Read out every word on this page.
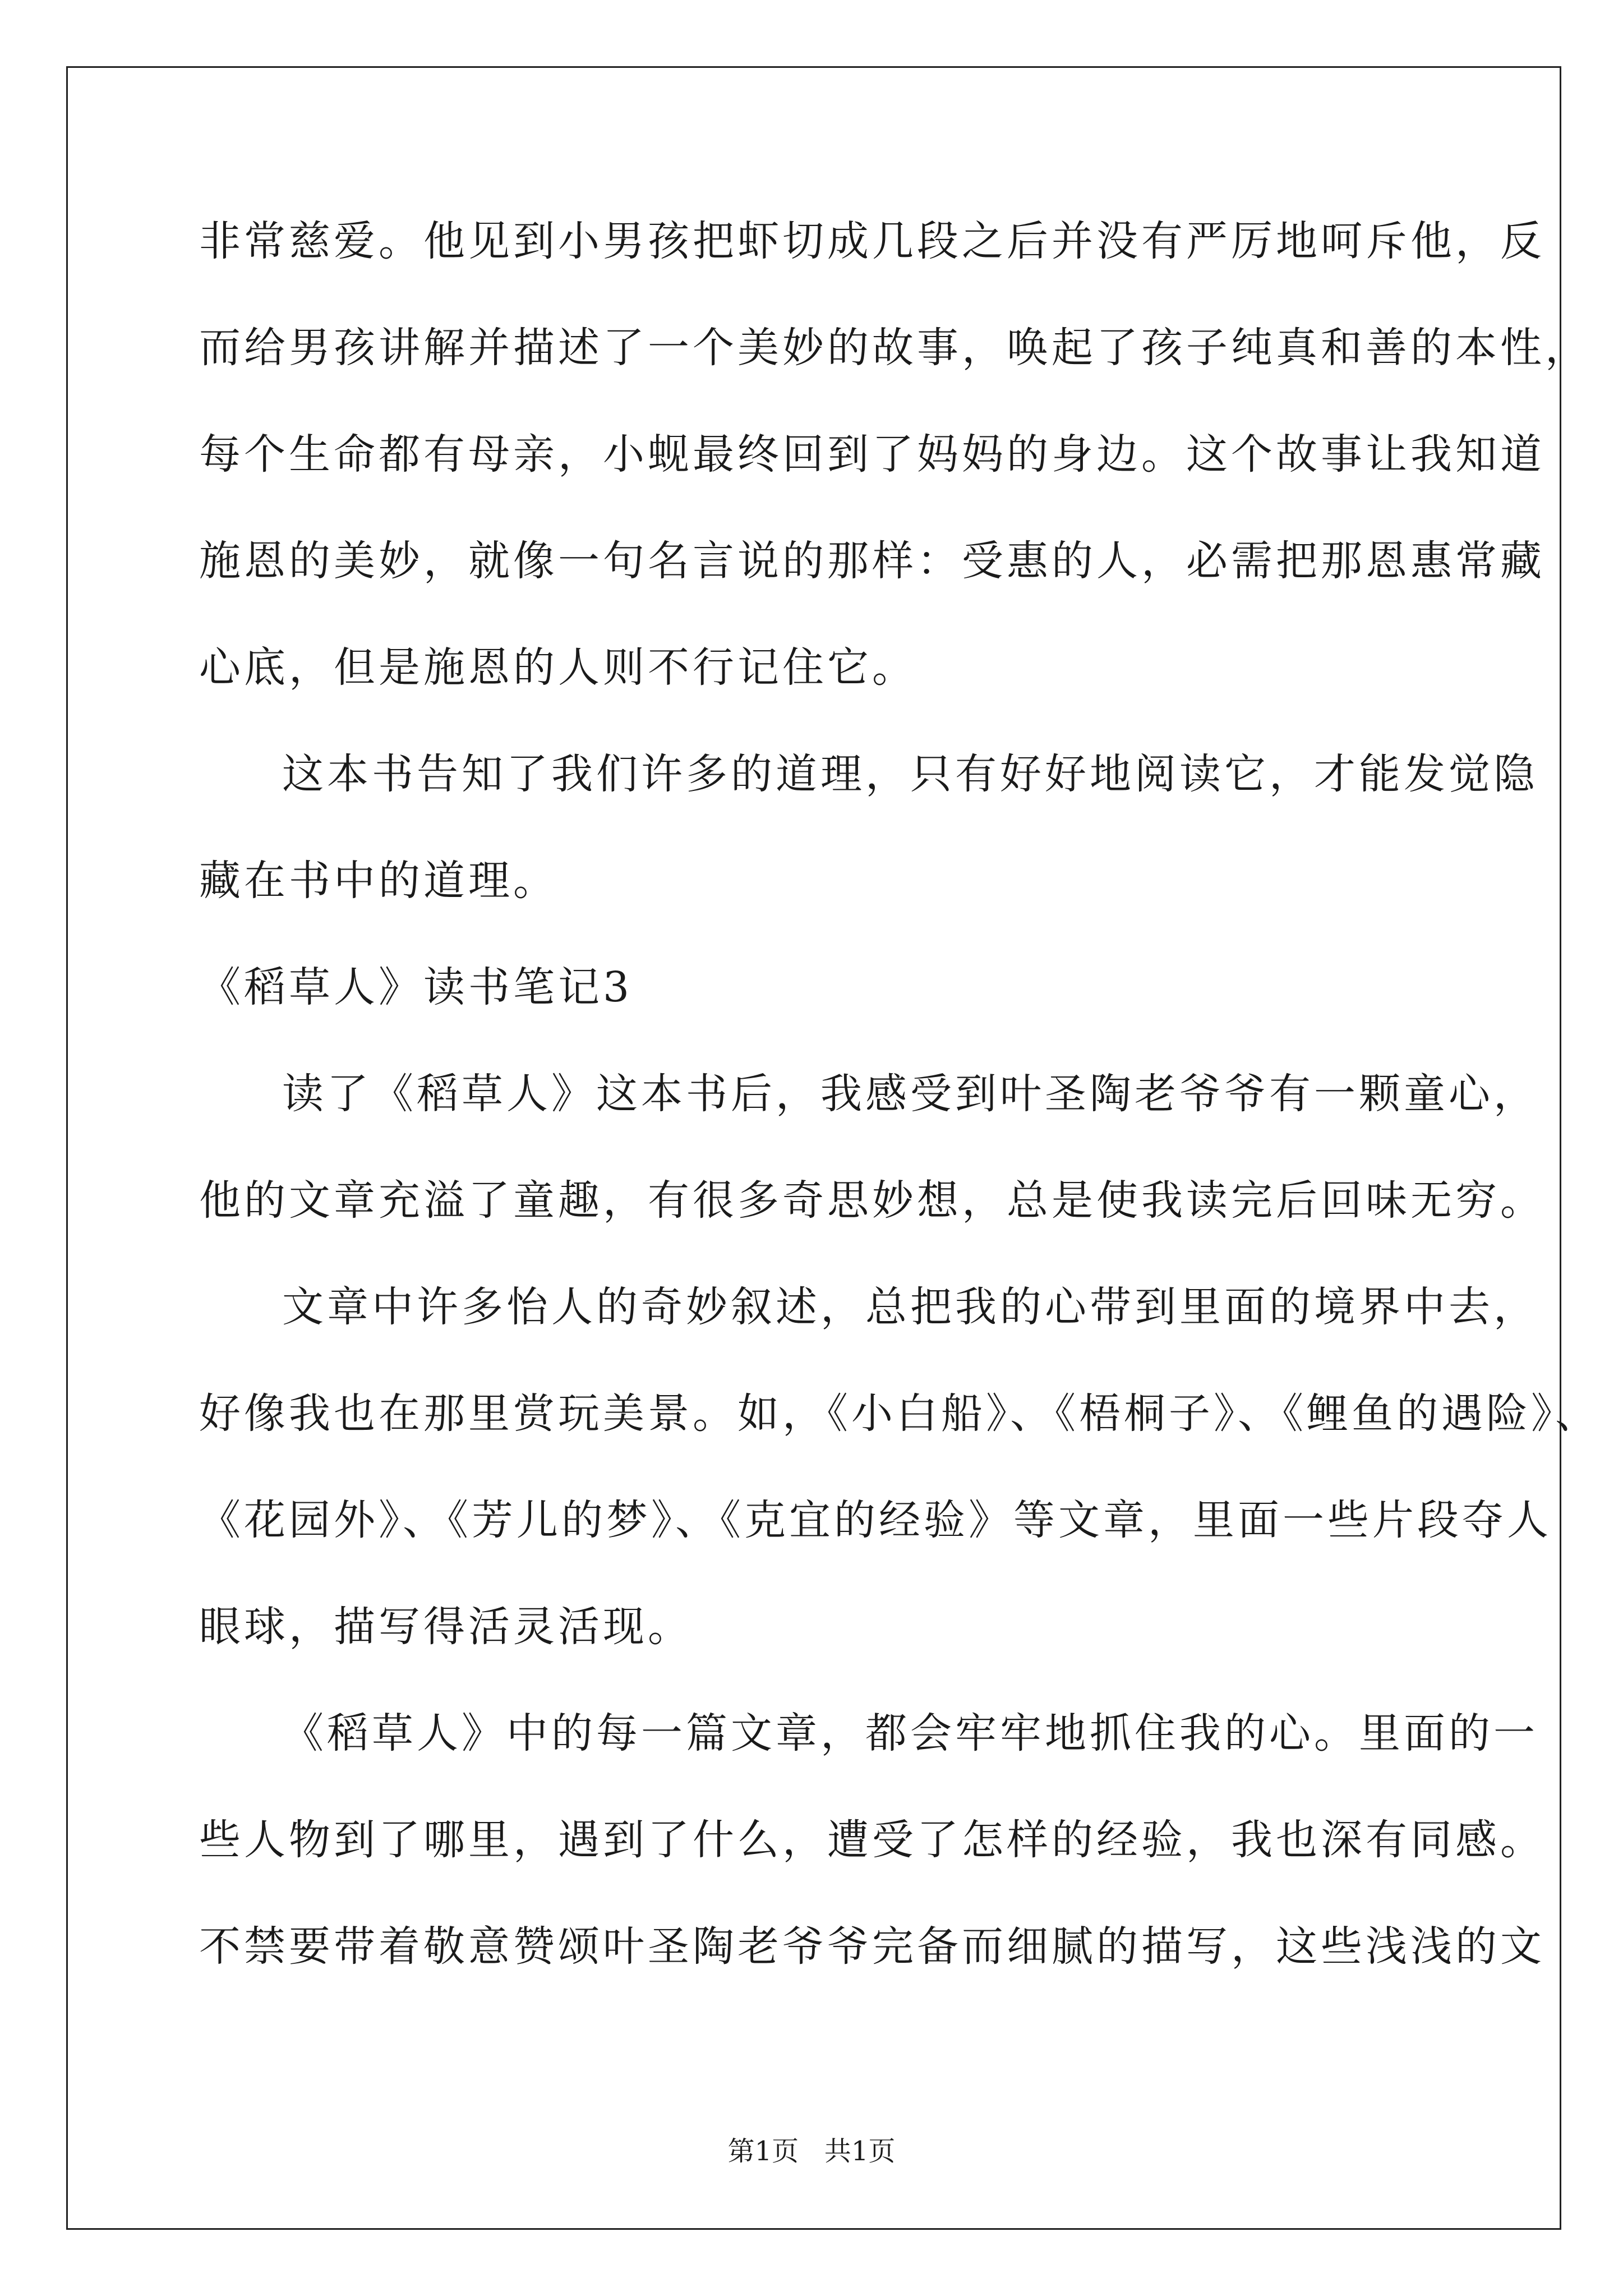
非常慈爱。他见到小男孩把虾切成几段之后并没有严厉地呵斥他，反
而给男孩讲解并描述了一个美妙的故事，唤起了孩子纯真和善的本性，
每个生命都有母亲，小蚬最终回到了妈妈的身边。这个故事让我知道
施恩的美妙，就像一句名言说的那样：受惠的人，必需把那恩惠常藏
心底，但是施恩的人则不行记住它。
这本书告知了我们许多的道理，只有好好地阅读它，才能发觉隐
藏在书中的道理。
《稻草人》读书笔记3
读了《稻草人》这本书后，我感受到叶圣陶老爷爷有一颗童心，
他的文章充溢了童趣，有很多奇思妙想，总是使我读完后回味无穷。
文章中许多怡人的奇妙叙述，总把我的心带到里面的境界中去，
好像我也在那里赏玩美景。如，《小白船》、《梧桐子》、《鲤鱼的遇险》、
《花园外》、《芳儿的梦》、《克宜的经验》等文章，里面一些片段夺人
眼球，描写得活灵活现。
《稻草人》中的每一篇文章，都会牢牢地抓住我的心。里面的一
些人物到了哪里，遇到了什么，遭受了怎样的经验，我也深有同感。
不禁要带着敬意赞颂叶圣陶老爷爷完备而细腻的描写，这些浅浅的文
第1页   共1页
